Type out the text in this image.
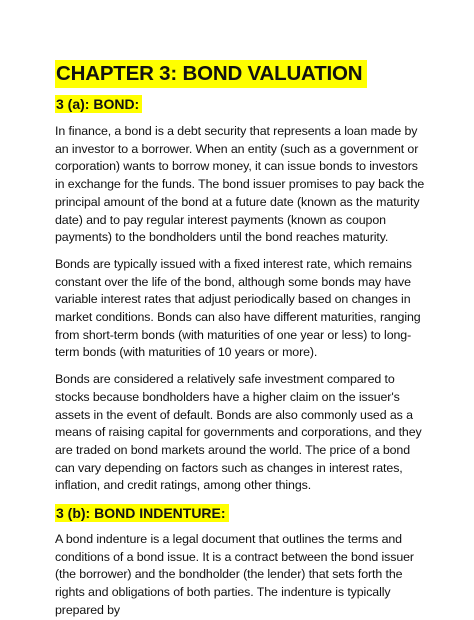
CHAPTER 3: BOND VALUATION
3 (a): BOND:

In finance, a bond is a debt security that represents a loan made by an investor to a borrower. When an entity (such as a government or corporation) wants to borrow money, it can issue bonds to investors in exchange for the funds. The bond issuer promises to pay back the principal amount of the bond at a future date (known as the maturity date) and to pay regular interest payments (known as coupon payments) to the bondholders until the bond reaches maturity.

Bonds are typically issued with a fixed interest rate, which remains constant over the life of the bond, although some bonds may have variable interest rates that adjust periodically based on changes in market conditions. Bonds can also have different maturities, ranging from short-term bonds (with maturities of one year or less) to long-term bonds (with maturities of 10 years or more).

Bonds are considered a relatively safe investment compared to stocks because bondholders have a higher claim on the issuer's assets in the event of default. Bonds are also commonly used as a means of raising capital for governments and corporations, and they are traded on bond markets around the world. The price of a bond can vary depending on factors such as changes in interest rates, inflation, and credit ratings, among other things.

3 (b): BOND INDENTURE:

A bond indenture is a legal document that outlines the terms and conditions of a bond issue. It is a contract between the bond issuer (the borrower) and the bondholder (the lender) that sets forth the rights and obligations of both parties. The indenture is typically prepared by
